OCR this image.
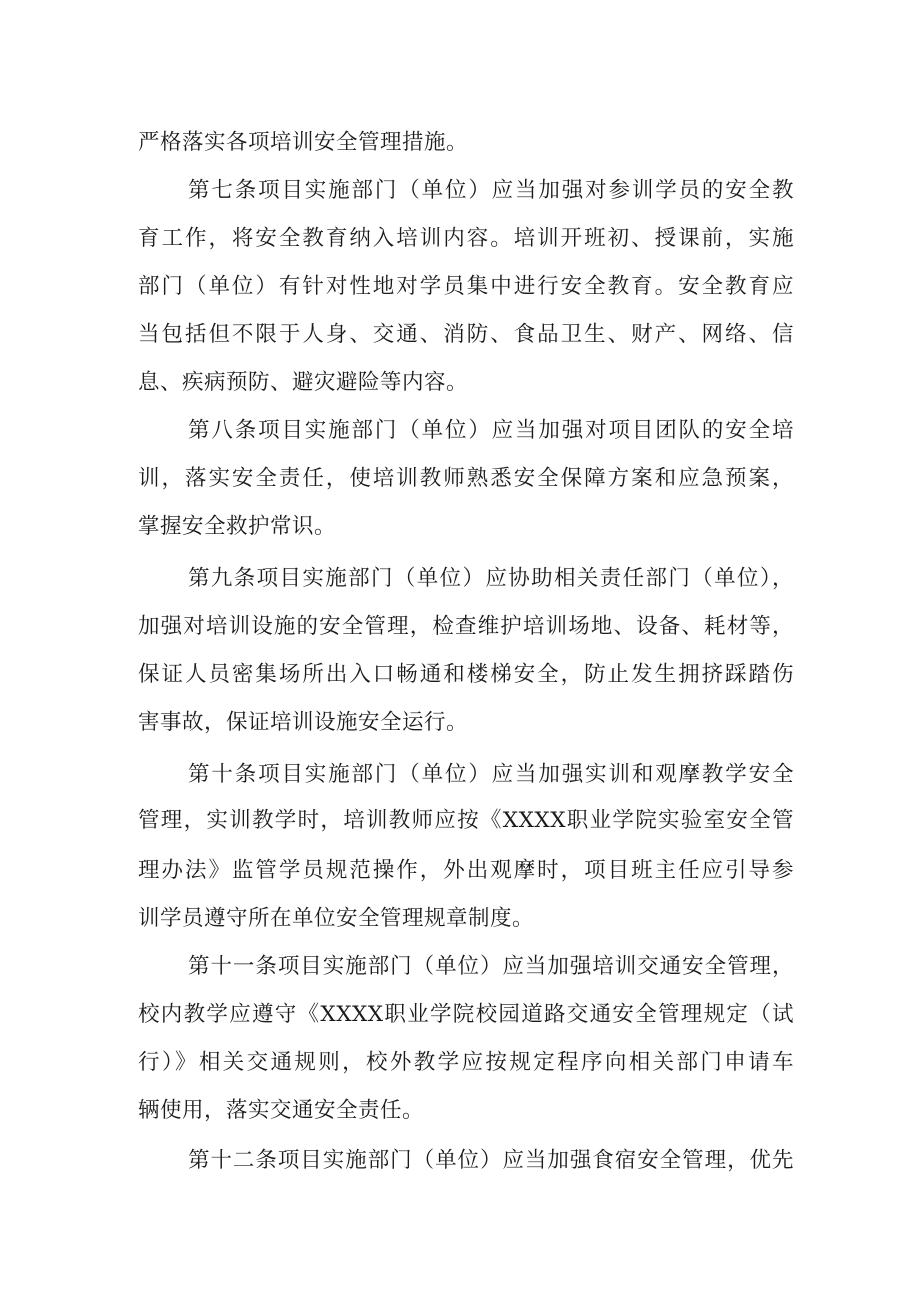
严格落实各项培训安全管理措施。
第七条项目实施部门（单位）应当加强对参训学员的安全教
育工作，将安全教育纳入培训内容。培训开班初、授课前，实施
部门（单位）有针对性地对学员集中进行安全教育。安全教育应
当包括但不限于人身、交通、消防、食品卫生、财产、网络、信
息、疾病预防、避灾避险等内容。
第八条项目实施部门（单位）应当加强对项目团队的安全培
训，落实安全责任，使培训教师熟悉安全保障方案和应急预案，
掌握安全救护常识。
第九条项目实施部门（单位）应协助相关责任部门（单位），
加强对培训设施的安全管理，检查维护培训场地、设备、耗材等，
保证人员密集场所出入口畅通和楼梯安全，防止发生拥挤踩踏伤
害事故，保证培训设施安全运行。
第十条项目实施部门（单位）应当加强实训和观摩教学安全
管理，实训教学时，培训教师应按《XXXX职业学院实验室安全管
理办法》监管学员规范操作，外出观摩时，项目班主任应引导参
训学员遵守所在单位安全管理规章制度。
第十一条项目实施部门（单位）应当加强培训交通安全管理，
校内教学应遵守《XXXX职业学院校园道路交通安全管理规定（试
行）》相关交通规则，校外教学应按规定程序向相关部门申请车
辆使用，落实交通安全责任。
第十二条项目实施部门（单位）应当加强食宿安全管理，优先
